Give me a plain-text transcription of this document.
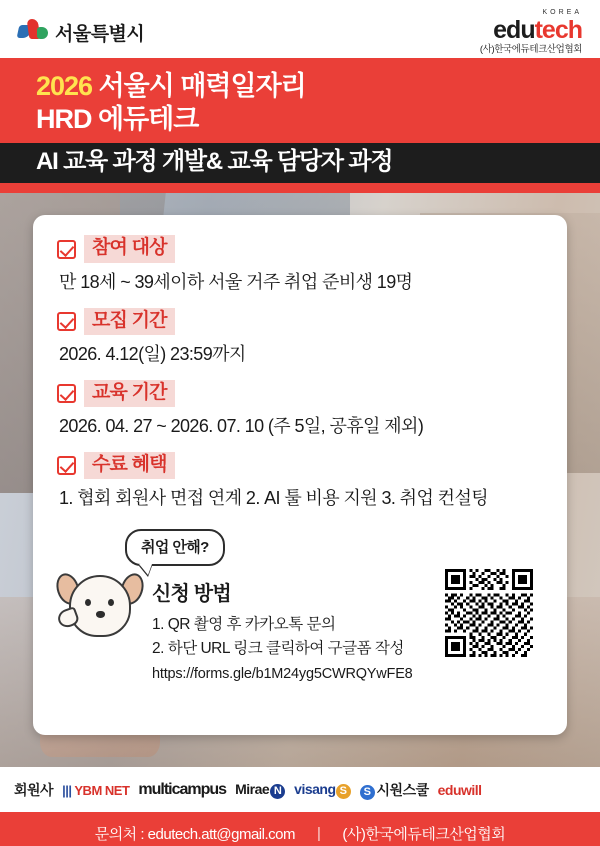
서울특별시
KOREA
edutech
(사)한국에듀테크산업협회
2026 서울시 매력일자리
HRD 에듀테크
AI 교육 과정 개발& 교육 담당자 과정
참여 대상
만 18세 ~ 39세이하 서울 거주 취업 준비생 19명
모집 기간
2026. 4.12(일) 23:59까지
교육 기간
2026. 04. 27 ~ 2026. 07. 10 (주 5일, 공휴일 제외)
수료 혜택
1. 협회 회원사 면접 연계 2. AI 툴 비용 지원 3. 취업 컨설팅
취업 안해?
신청 방법
1. QR 촬영 후 카카오톡 문의
2. 하단 URL 링크 클릭하여 구글폼 작성
https://forms.gle/b1M24yg5CWRQYwFE8
회원사 ||| YBM NET multicampus Mirae N visang S	S 시원스쿨 eduwill
문의처 : edutech.att@gmail.com | (사)한국에듀테크산업협회
